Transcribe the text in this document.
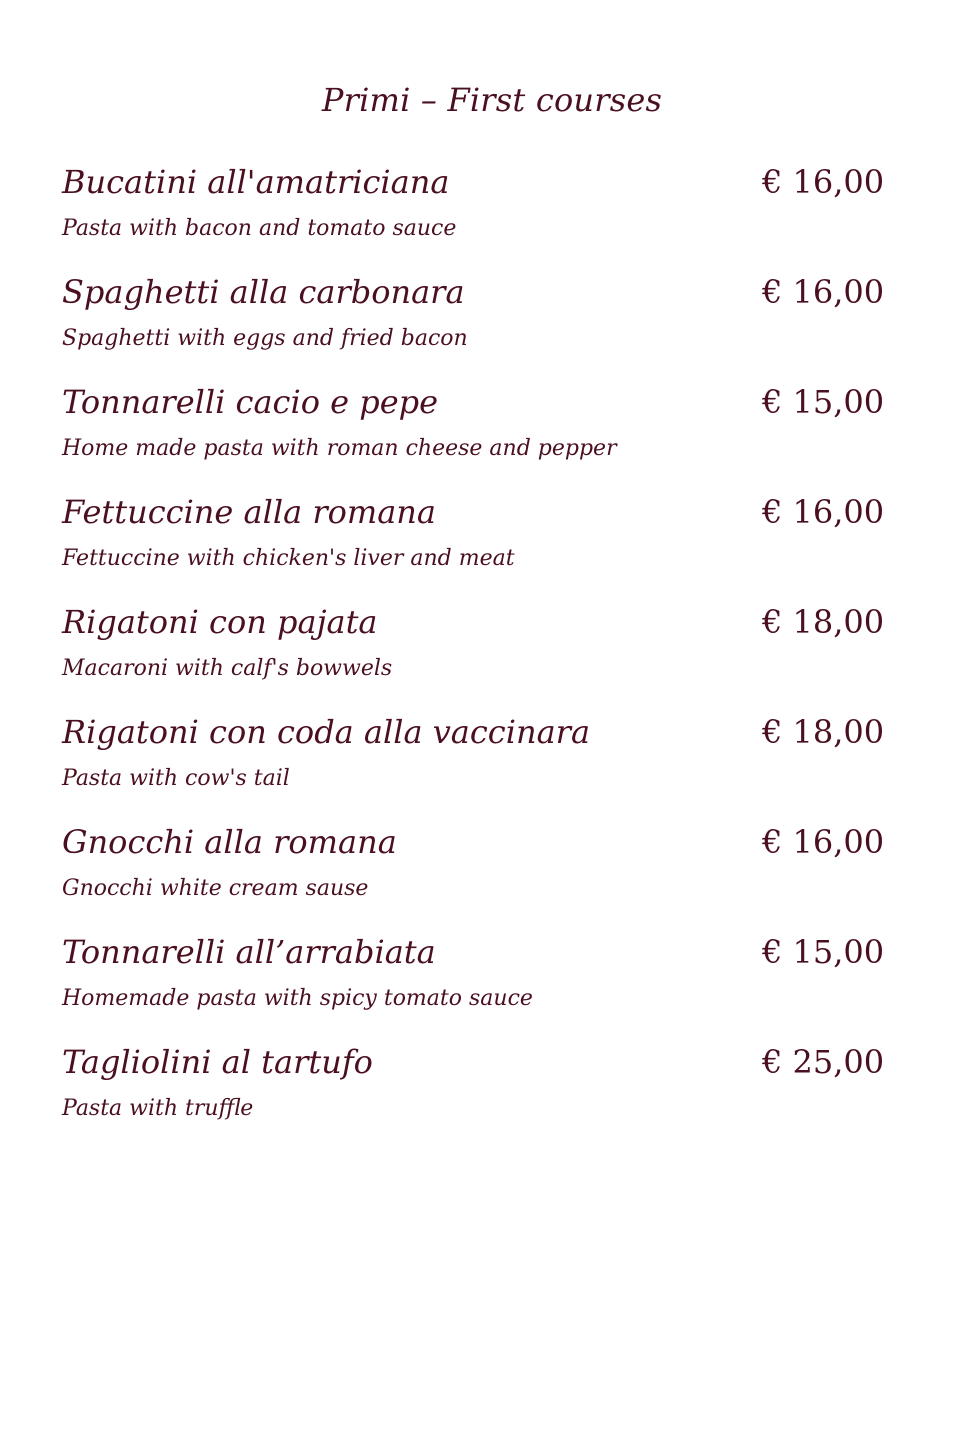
Primi – First courses
Bucatini all'amatriciana	€ 16,00
Pasta with bacon and tomato sauce
Spaghetti alla carbonara	€ 16,00
Spaghetti with eggs and fried bacon
Tonnarelli cacio e pepe	€ 15,00
Home made pasta with roman cheese and pepper
Fettuccine alla romana	€ 16,00
Fettuccine with chicken's liver and meat
Rigatoni con pajata	€ 18,00
Macaroni with calf's bowwels
Rigatoni con coda alla vaccinara	€ 18,00
Pasta with cow's tail
Gnocchi alla romana	€ 16,00
Gnocchi white cream sause
Tonnarelli all’arrabiata	€ 15,00
Homemade pasta with spicy tomato sauce
Tagliolini al tartufo	€ 25,00
Pasta with truffle
